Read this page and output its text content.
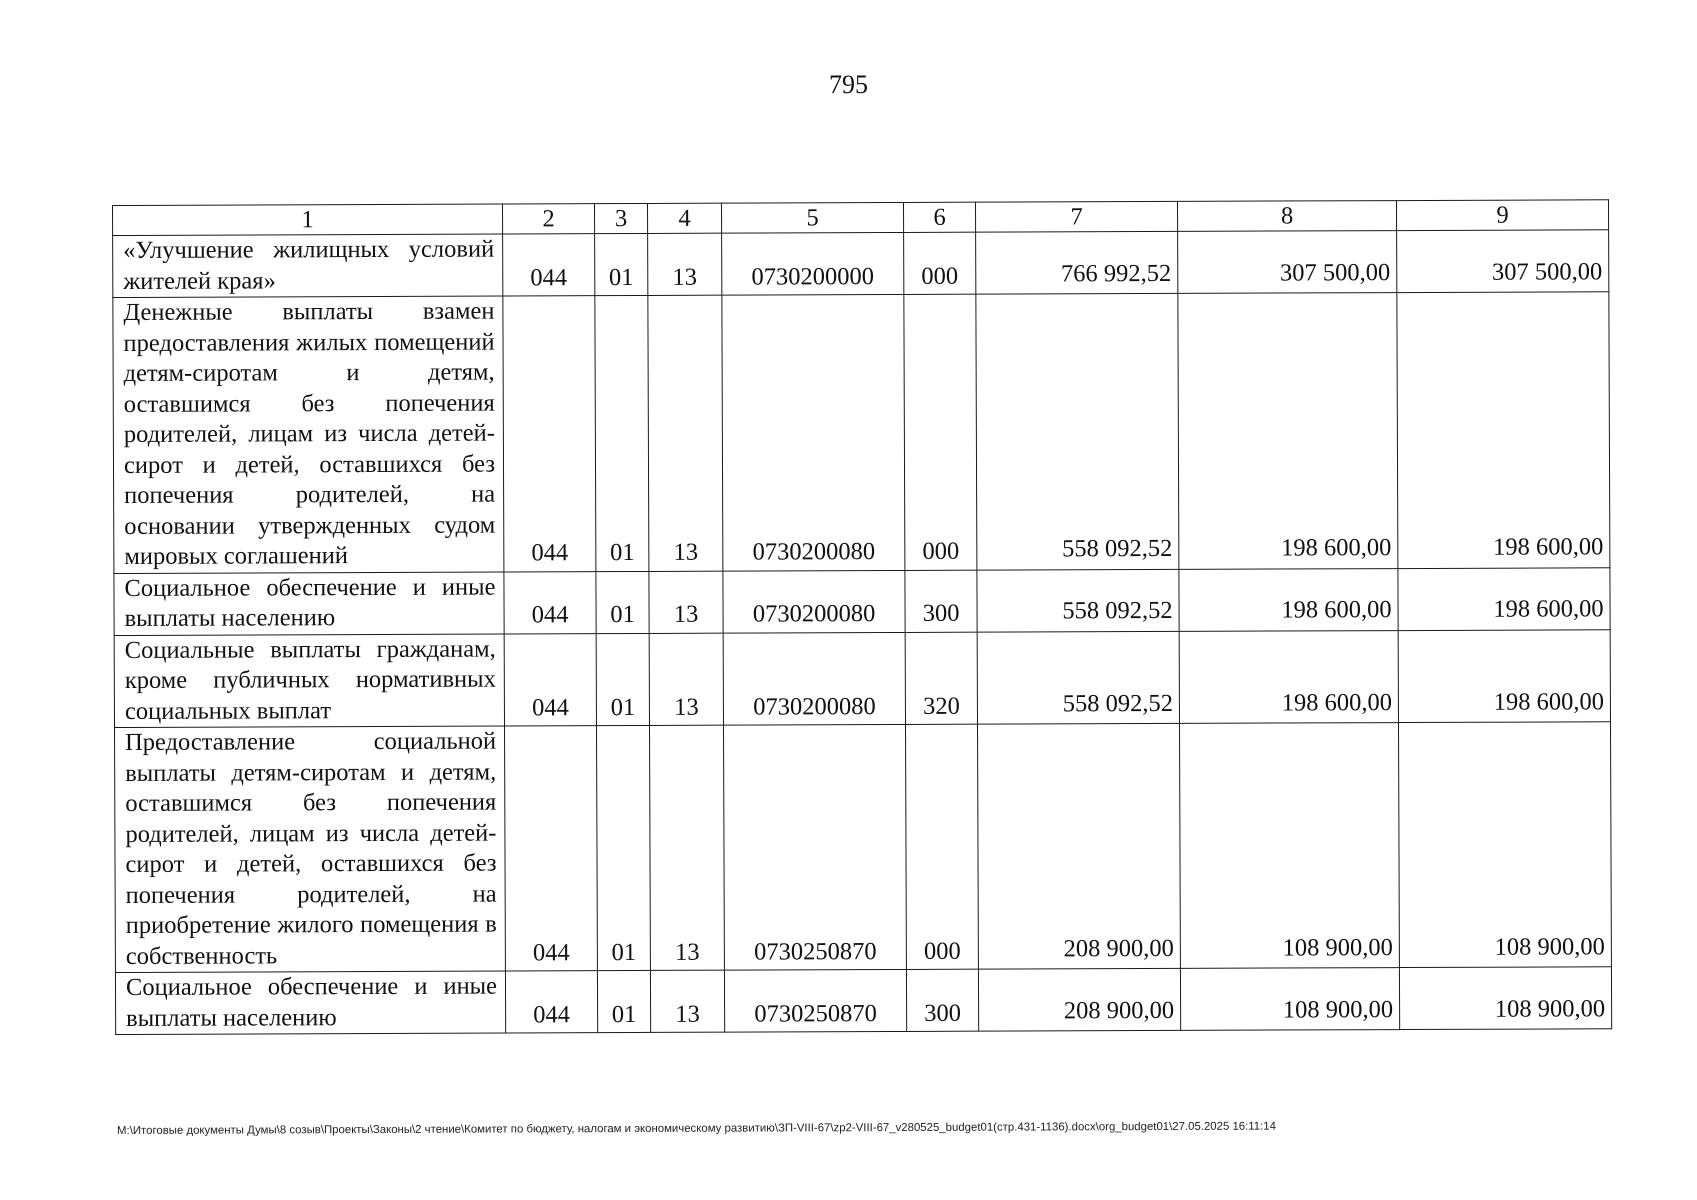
795
1	2	3	4	5	6	7	8	9
«Улучшение жилищных условий жителей края»	044	01	13	0730200000	000	766 992,52	307 500,00	307 500,00
Денежные выплаты взамен предоставления жилых помещений детям-сиротам и детям, оставшимся без попечения родителей, лицам из числа детей-сирот и детей, оставшихся без попечения родителей, на основании утвержденных судом мировых соглашений	044	01	13	0730200080	000	558 092,52	198 600,00	198 600,00
Социальное обеспечение и иные выплаты населению	044	01	13	0730200080	300	558 092,52	198 600,00	198 600,00
Социальные выплаты гражданам, кроме публичных нормативных социальных выплат	044	01	13	0730200080	320	558 092,52	198 600,00	198 600,00
Предоставление социальной выплаты детям-сиротам и детям, оставшимся без попечения родителей, лицам из числа детей-сирот и детей, оставшихся без попечения родителей, на приобретение жилого помещения в собственность	044	01	13	0730250870	000	208 900,00	108 900,00	108 900,00
Социальное обеспечение и иные выплаты населению	044	01	13	0730250870	300	208 900,00	108 900,00	108 900,00
M:\Итоговые документы Думы\8 созыв\Проекты\Законы\2 чтение\Комитет по бюджету, налогам и экономическому развитию\ЗП-VIII-67\zp2-VIII-67_v280525_budget01(стр.431-1136).docx\org_budget01\27.05.2025 16:11:14
